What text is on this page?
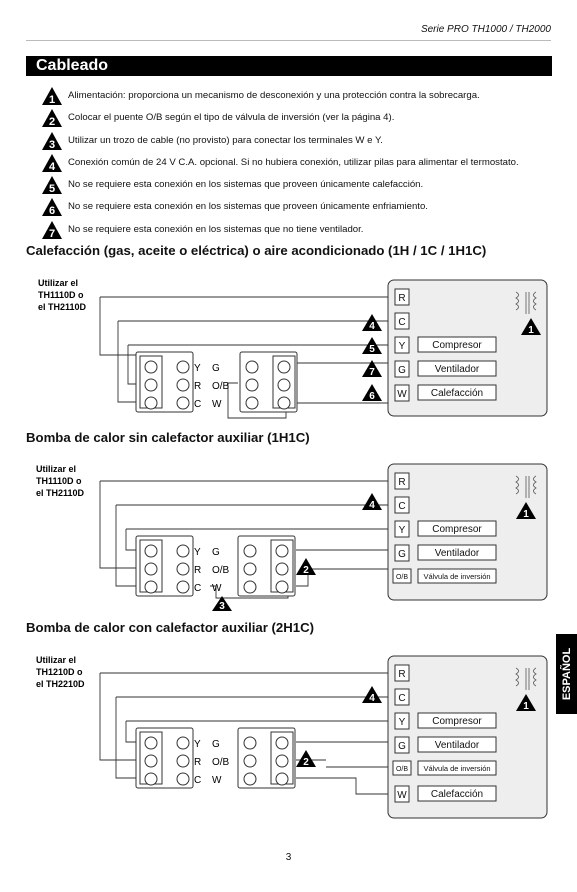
Serie PRO TH1000 / TH2000
Cableado
1 Alimentación: proporciona un mecanismo de desconexión y una protección contra la sobrecarga.
2 Colocar el puente O/B según el tipo de válvula de inversión (ver la página 4).
3 Utilizar un trozo de cable (no provisto) para conectar los terminales W e Y.
4 Conexión común de 24 V C.A. opcional. Si no hubiera conexión, utilizar pilas para alimentar el termostato.
5 No se requiere esta conexión en los sistemas que proveen únicamente calefacción.
6 No se requiere esta conexión en los sistemas que proveen únicamente enfriamiento.
7 No se requiere esta conexión en los sistemas que no tiene ventilador.
Calefacción (gas, aceite o eléctrica) o aire acondicionado (1H / 1C / 1H1C)
Y
R
C
G
O/B
W
Utilizar el
TH1110D o
el TH2110D
R
C
Y
G
W
Compresor
Ventilador
Calefacción
4
5
7
6
1
Bomba de calor sin calefactor auxiliar (1H1C)
Y
R
C
G
O/B
W
Utilizar el
TH1110D o
el TH2110D
R
C
Y
G
O/B
Compresor
Ventilador
Válvula de inversión
4
2
3
1
Bomba de calor con calefactor auxiliar (2H1C)
Y
R
C
G
O/B
W
Utilizar el
TH1210D o
el TH2210D
R
C
Y
G
O/B
W
Compresor
Ventilador
Válvula de inversión
Calefacción
4
2
1
ESPAÑOL
3
